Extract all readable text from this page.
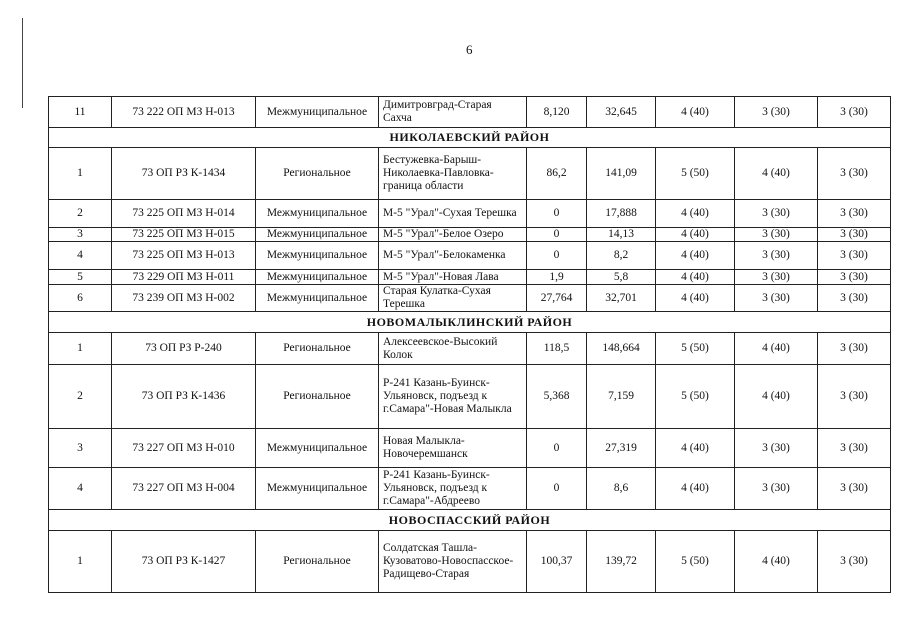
6
11	73 222 ОП МЗ Н-013	Межмуниципальное	Димитровград-Старая Сахча	8,120	32,645	4 (40)	3 (30)	3 (30)
НИКОЛАЕВСКИЙ РАЙОН								
1	73 ОП РЗ К-1434	Региональное	Бестужевка-Барыш-Николаевка-Павловка-граница области	86,2	141,09	5 (50)	4 (40)	3 (30)
2	73 225 ОП МЗ Н-014	Межмуниципальное	М-5 "Урал"-Сухая Терешка	0	17,888	4 (40)	3 (30)	3 (30)
3	73 225 ОП МЗ Н-015	Межмуниципальное	М-5 "Урал"-Белое Озеро	0	14,13	4 (40)	3 (30)	3 (30)
4	73 225 ОП МЗ Н-013	Межмуниципальное	М-5 "Урал"-Белокаменка	0	8,2	4 (40)	3 (30)	3 (30)
5	73 229 ОП МЗ Н-011	Межмуниципальное	М-5 "Урал"-Новая Лава	1,9	5,8	4 (40)	3 (30)	3 (30)
6	73 239 ОП МЗ Н-002	Межмуниципальное	Старая Кулатка-Сухая Терешка	27,764	32,701	4 (40)	3 (30)	3 (30)
НОВОМАЛЫКЛИНСКИЙ РАЙОН								
1	73 ОП РЗ Р-240	Региональное	Алексеевское-Высокий Колок	118,5	148,664	5 (50)	4 (40)	3 (30)
2	73 ОП РЗ К-1436	Региональное	Р-241 Казань-Буинск-Ульяновск, подъезд к г.Самара"-Новая Малыкла	5,368	7,159	5 (50)	4 (40)	3 (30)
3	73 227 ОП МЗ Н-010	Межмуниципальное	Новая Малыкла-Новочеремшанск	0	27,319	4 (40)	3 (30)	3 (30)
4	73 227 ОП МЗ Н-004	Межмуниципальное	Р-241 Казань-Буинск-Ульяновск, подъезд к г.Самара"-Абдреево	0	8,6	4 (40)	3 (30)	3 (30)
НОВОСПАССКИЙ РАЙОН								
1	73 ОП РЗ К-1427	Региональное	Солдатская Ташла-Кузоватово-Новоспасское-Радищево-Старая	100,37	139,72	5 (50)	4 (40)	3 (30)
